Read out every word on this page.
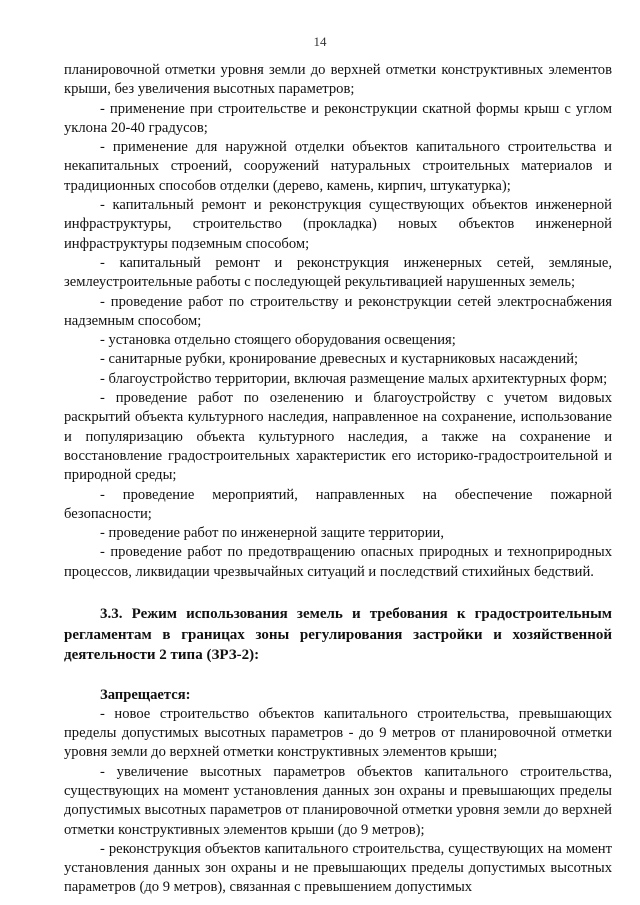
14

планировочной отметки уровня земли до верхней отметки конструктивных элементов крыши, без увеличения высотных параметров;

- применение при строительстве и реконструкции скатной формы крыш с углом уклона 20-40 градусов;

- применение для наружной отделки объектов капитального строительства и некапитальных строений, сооружений натуральных строительных материалов и традиционных способов отделки (дерево, камень, кирпич, штукатурка);

- капитальный ремонт и реконструкция существующих объектов инженерной инфраструктуры, строительство (прокладка) новых объектов инженерной инфраструктуры подземным способом;

- капитальный ремонт и реконструкция инженерных сетей, земляные, землеустроительные работы с последующей рекультивацией нарушенных земель;

- проведение работ по строительству и реконструкции сетей электроснабжения надземным способом;

- установка отдельно стоящего оборудования освещения;

- санитарные рубки, кронирование древесных и кустарниковых насаждений;

- благоустройство территории, включая размещение малых архитектурных форм;

- проведение работ по озеленению и благоустройству с учетом видовых раскрытий объекта культурного наследия, направленное на сохранение, использование и популяризацию объекта культурного наследия, а также на сохранение и восстановление градостроительных характеристик его историко-градостроительной и природной среды;

- проведение мероприятий, направленных на обеспечение пожарной безопасности;

- проведение работ по инженерной защите территории,

- проведение работ по предотвращению опасных природных и техноприродных процессов, ликвидации чрезвычайных ситуаций и последствий стихийных бедствий.

3.3. Режим использования земель и требования к градостроительным регламентам в границах зоны регулирования застройки и хозяйственной деятельности 2 типа (ЗРЗ-2):

Запрещается:

- новое строительство объектов капитального строительства, превышающих пределы допустимых высотных параметров - до 9 метров от планировочной отметки уровня земли до верхней отметки конструктивных элементов крыши;

- увеличение высотных параметров объектов капитального строительства, существующих на момент установления данных зон охраны и превышающих пределы допустимых высотных параметров от планировочной отметки уровня земли до верхней отметки конструктивных элементов крыши (до 9 метров);

- реконструкция объектов капитального строительства, существующих на момент установления данных зон охраны и не превышающих пределы допустимых высотных параметров (до 9 метров), связанная с превышением допустимых
